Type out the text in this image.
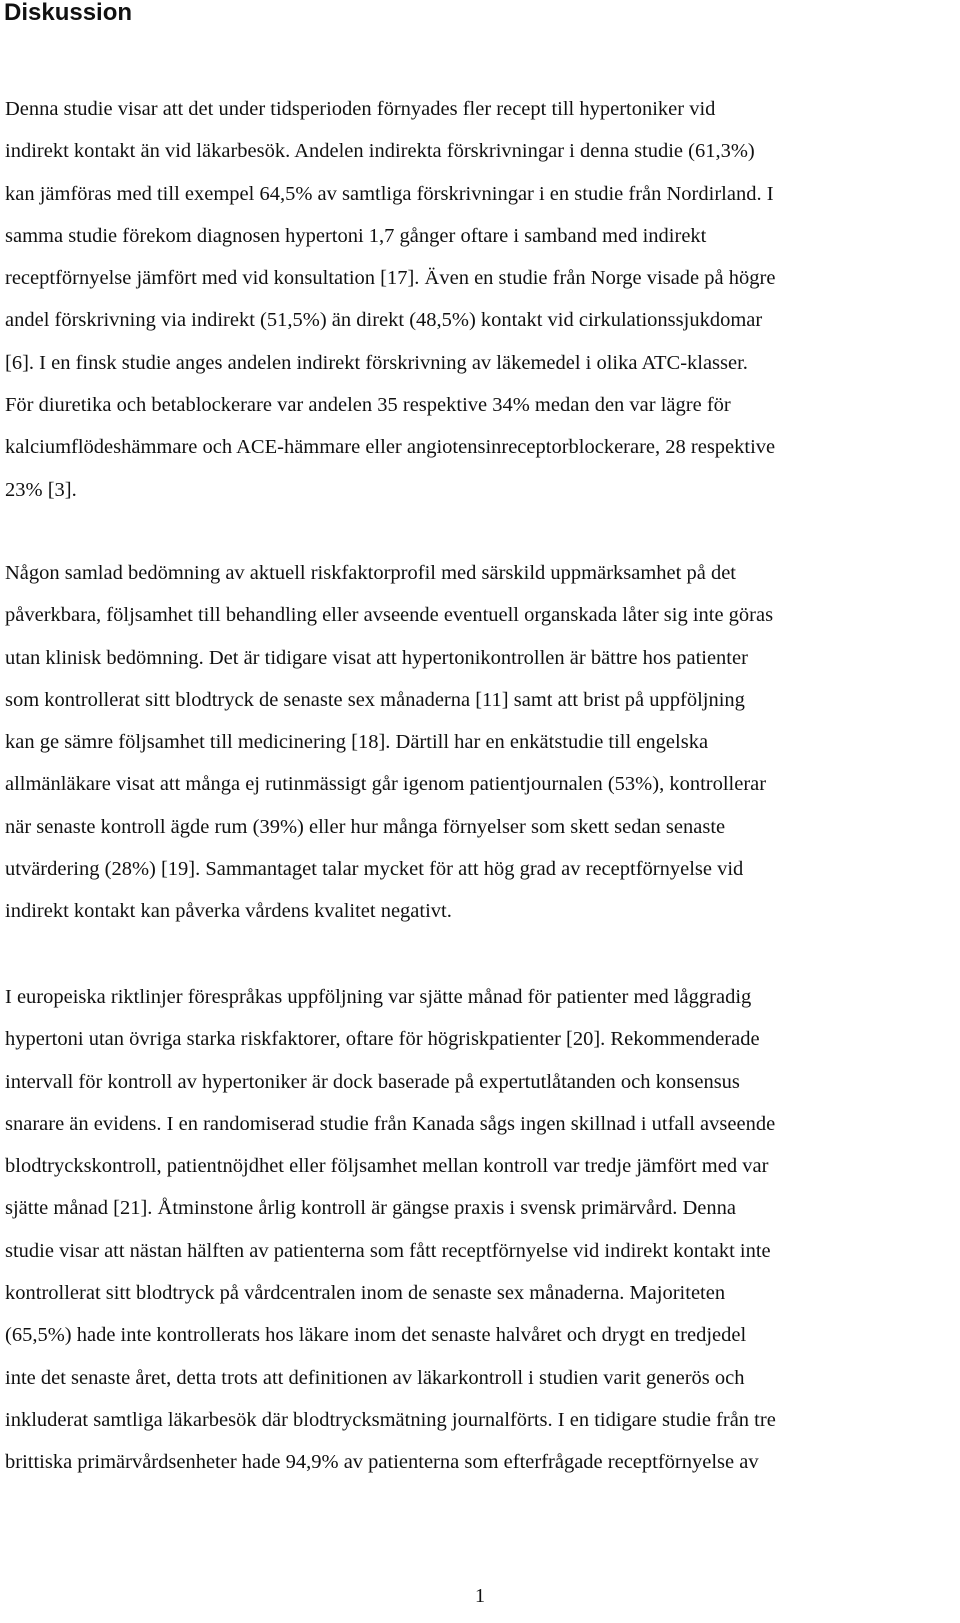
Diskussion
Denna studie visar att det under tidsperioden förnyades fler recept till hypertoniker vid
indirekt kontakt än vid läkarbesök. Andelen indirekta förskrivningar i denna studie (61,3%)
kan jämföras med till exempel 64,5% av samtliga förskrivningar i en studie från Nordirland. I
samma studie förekom diagnosen hypertoni 1,7 gånger oftare i samband med indirekt
receptförnyelse jämfört med vid konsultation [17]. Även en studie från Norge visade på högre
andel förskrivning via indirekt (51,5%) än direkt (48,5%) kontakt vid cirkulationssjukdomar
[6]. I en finsk studie anges andelen indirekt förskrivning av läkemedel i olika ATC-klasser.
För diuretika och betablockerare var andelen 35 respektive 34% medan den var lägre för
kalciumflödeshämmare och ACE-hämmare eller angiotensinreceptorblockerare, 28 respektive
23% [3].
Någon samlad bedömning av aktuell riskfaktorprofil med särskild uppmärksamhet på det
påverkbara, följsamhet till behandling eller avseende eventuell organskada låter sig inte göras
utan klinisk bedömning. Det är tidigare visat att hypertonikontrollen är bättre hos patienter
som kontrollerat sitt blodtryck de senaste sex månaderna [11] samt att brist på uppföljning
kan ge sämre följsamhet till medicinering [18]. Därtill har en enkätstudie till engelska
allmänläkare visat att många ej rutinmässigt går igenom patientjournalen (53%), kontrollerar
när senaste kontroll ägde rum (39%) eller hur många förnyelser som skett sedan senaste
utvärdering (28%) [19]. Sammantaget talar mycket för att hög grad av receptförnyelse vid
indirekt kontakt kan påverka vårdens kvalitet negativt.
I europeiska riktlinjer förespråkas uppföljning var sjätte månad för patienter med låggradig
hypertoni utan övriga starka riskfaktorer, oftare för högriskpatienter [20]. Rekommenderade
intervall för kontroll av hypertoniker är dock baserade på expertutlåtanden och konsensus
snarare än evidens. I en randomiserad studie från Kanada sågs ingen skillnad i utfall avseende
blodtryckskontroll, patientnöjdhet eller följsamhet mellan kontroll var tredje jämfört med var
sjätte månad [21]. Åtminstone årlig kontroll är gängse praxis i svensk primärvård. Denna
studie visar att nästan hälften av patienterna som fått receptförnyelse vid indirekt kontakt inte
kontrollerat sitt blodtryck på vårdcentralen inom de senaste sex månaderna. Majoriteten
(65,5%) hade inte kontrollerats hos läkare inom det senaste halvåret och drygt en tredjedel
inte det senaste året, detta trots att definitionen av läkarkontroll i studien varit generös och
inkluderat samtliga läkarbesök där blodtrycksmätning journalförts. I en tidigare studie från tre
brittiska primärvårdsenheter hade 94,9% av patienterna som efterfrågade receptförnyelse av
1
